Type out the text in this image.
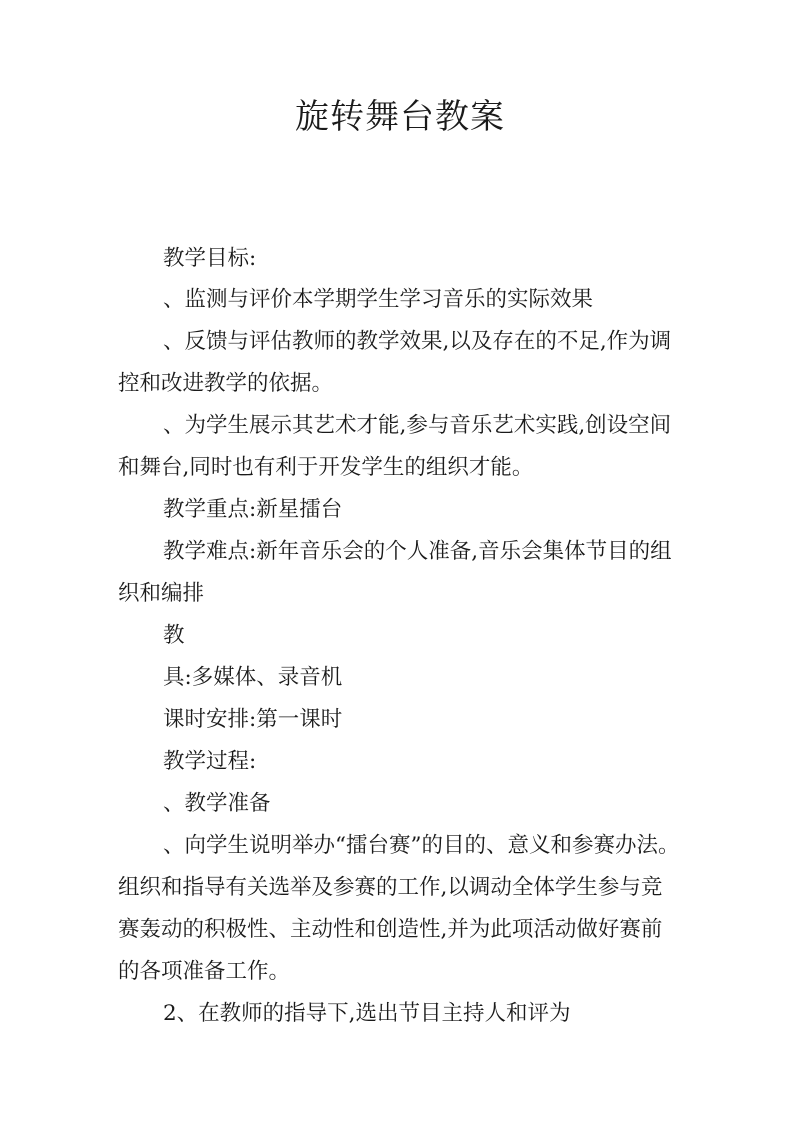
旋转舞台教案
教学目标:
、监测与评价本学期学生学习音乐的实际效果
、反馈与评估教师的教学效果,以及存在的不足,作为调
控和改进教学的依据。
、为学生展示其艺术才能,参与音乐艺术实践,创设空间
和舞台,同时也有利于开发学生的组织才能。
教学重点:新星擂台
教学难点:新年音乐会的个人准备,音乐会集体节目的组
织和编排
教
具:多媒体、录音机
课时安排:第一课时
教学过程:
、教学准备
、向学生说明举办“擂台赛”的目的、意义和参赛办法。
组织和指导有关选举及参赛的工作,以调动全体学生参与竞
赛轰动的积极性、主动性和创造性,并为此项活动做好赛前
的各项准备工作。
2、在教师的指导下,选出节目主持人和评为
